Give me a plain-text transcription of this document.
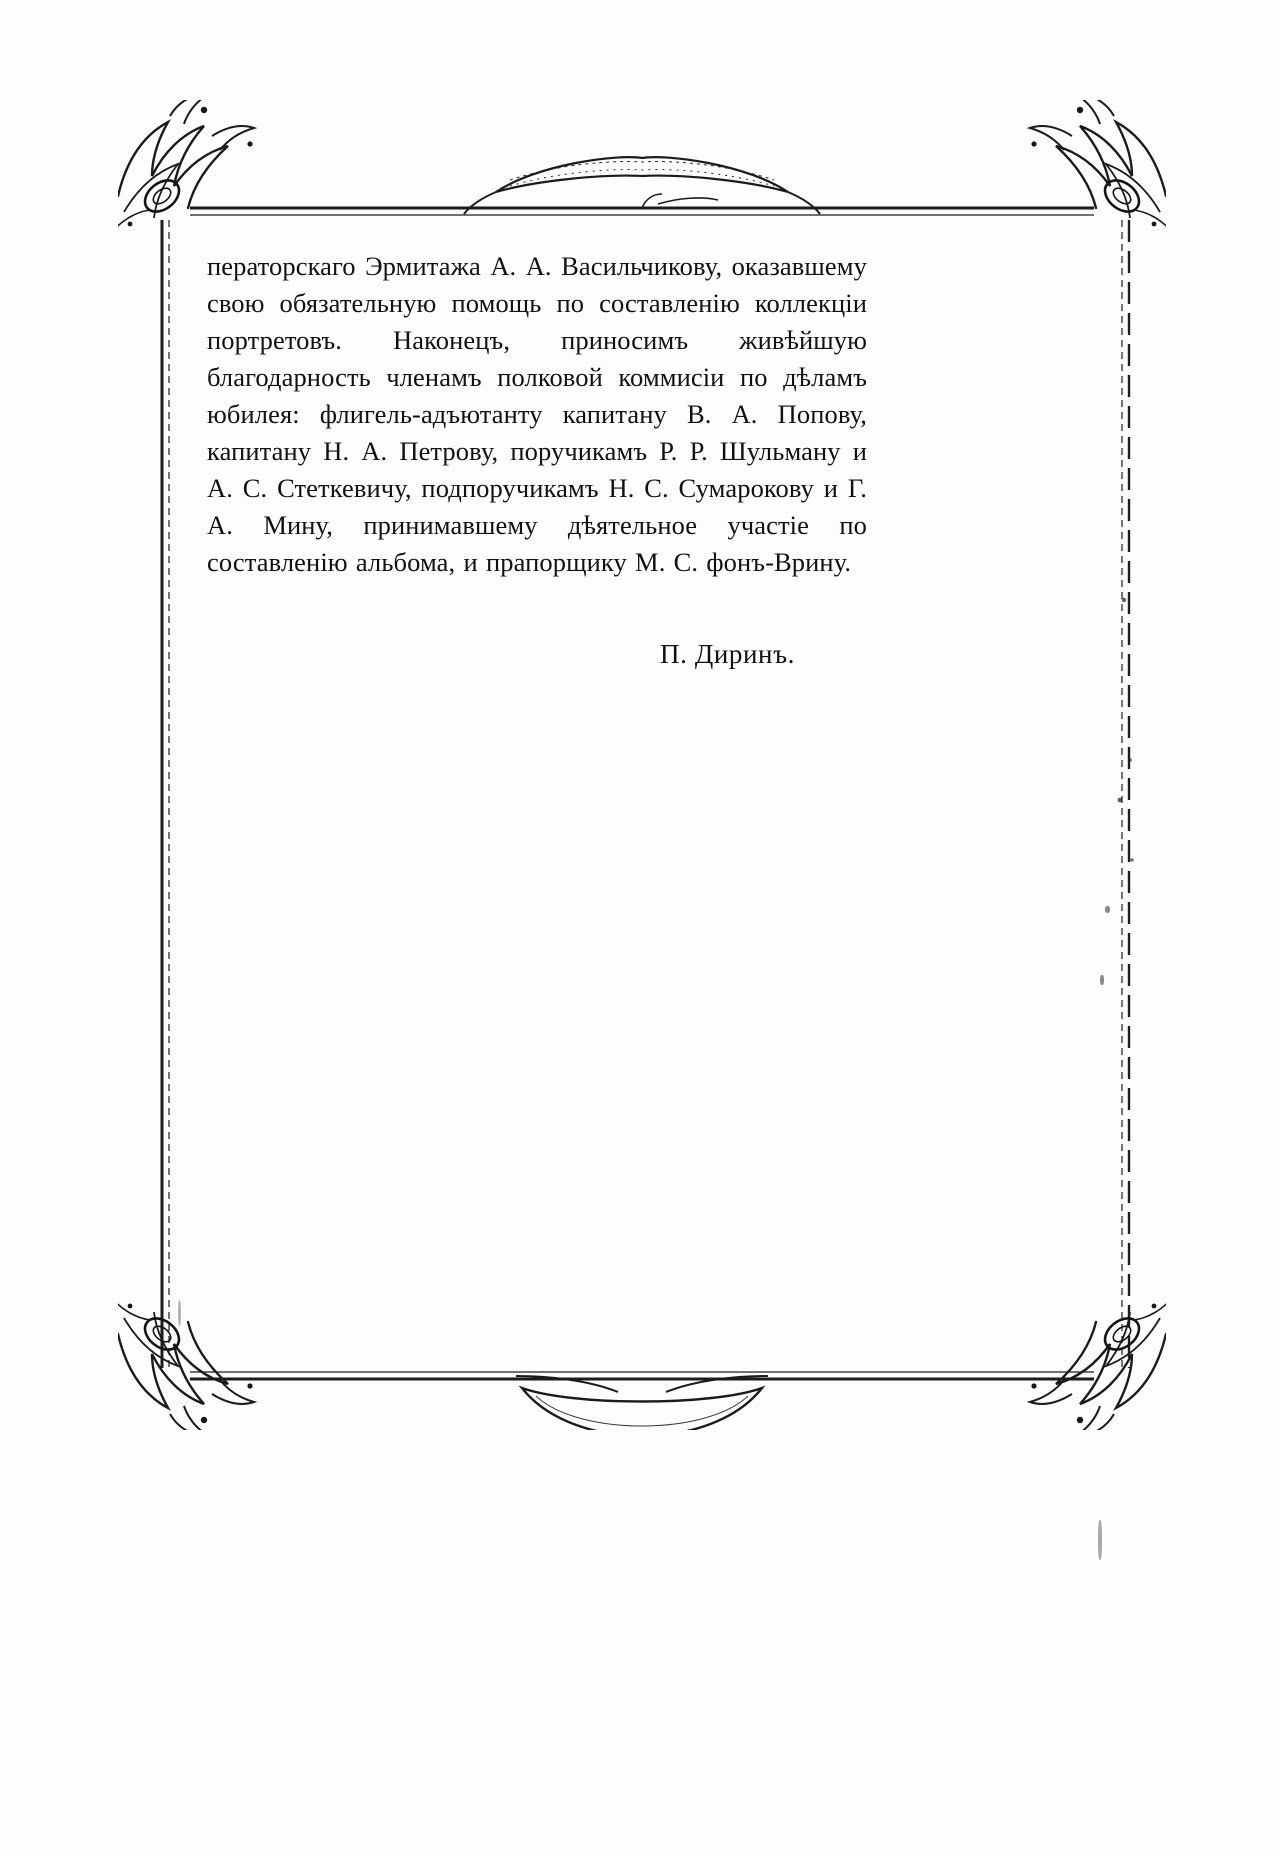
ператорскаго Эрмитажа А. А. Васильчикову, оказавшему свою обязательную помощь по составленію коллекціи портретовъ. Наконецъ, приносимъ живѣйшую благодарность членамъ полковой коммисіи по дѣламъ юбилея: флигель-адъютанту капитану В. А. Попову, капитану Н. А. Петрову, поручикамъ Р. Р. Шульману и А. С. Стеткевичу, подпоручикамъ Н. С. Сумарокову и Г. А. Мину, принимавшему дѣятельное участіе по составленію альбома, и прапорщику М. С. фонъ-Врину.

П. Диринъ.
